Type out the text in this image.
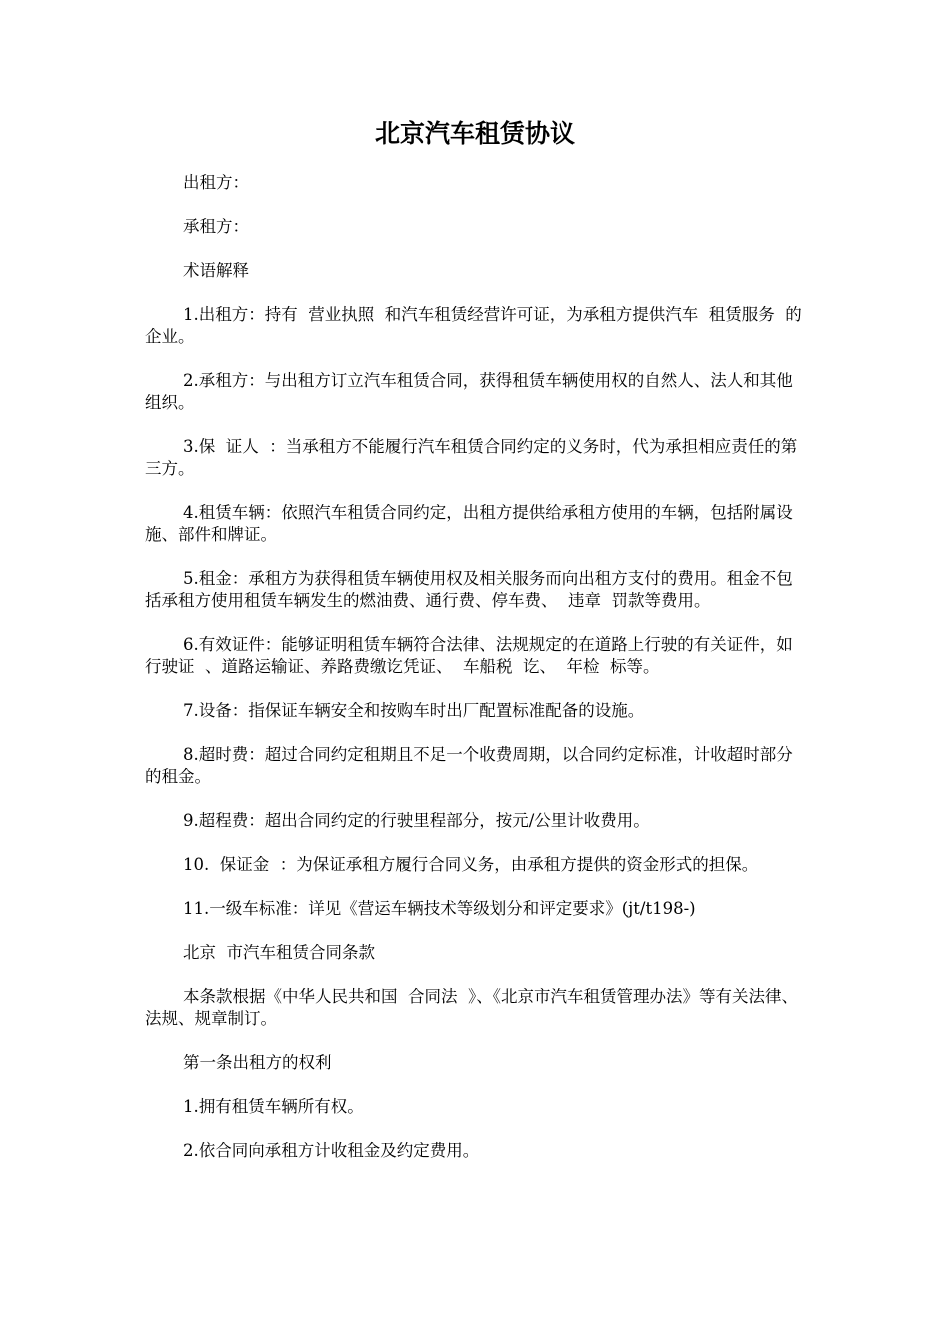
北京汽车租赁协议

出租方：

承租方：

术语解释

1.出租方：持有  营业执照  和汽车租赁经营许可证，为承租方提供汽车  租赁服务  的企业。

2.承租方：与出租方订立汽车租赁合同，获得租赁车辆使用权的自然人、法人和其他组织。

3.保  证人  ：当承租方不能履行汽车租赁合同约定的义务时，代为承担相应责任的第三方。

4.租赁车辆：依照汽车租赁合同约定，出租方提供给承租方使用的车辆，包括附属设施、部件和牌证。

5.租金：承租方为获得租赁车辆使用权及相关服务而向出租方支付的费用。租金不包括承租方使用租赁车辆发生的燃油费、通行费、停车费、  违章  罚款等费用。

6.有效证件：能够证明租赁车辆符合法律、法规规定的在道路上行驶的有关证件，如  行驶证  、道路运输证、养路费缴讫凭证、  车船税  讫、  年检  标等。

7.设备：指保证车辆安全和按购车时出厂配置标准配备的设施。

8.超时费：超过合同约定租期且不足一个收费周期，以合同约定标准，计收超时部分的租金。

9.超程费：超出合同约定的行驶里程部分，按元/公里计收费用。

10.  保证金  ：为保证承租方履行合同义务，由承租方提供的资金形式的担保。

11.一级车标准：详见《营运车辆技术等级划分和评定要求》(jt/t198-)

北京  市汽车租赁合同条款

本条款根据《中华人民共和国  合同法  》、《北京市汽车租赁管理办法》等有关法律、法规、规章制订。

第一条出租方的权利

1.拥有租赁车辆所有权。

2.依合同向承租方计收租金及约定费用。
